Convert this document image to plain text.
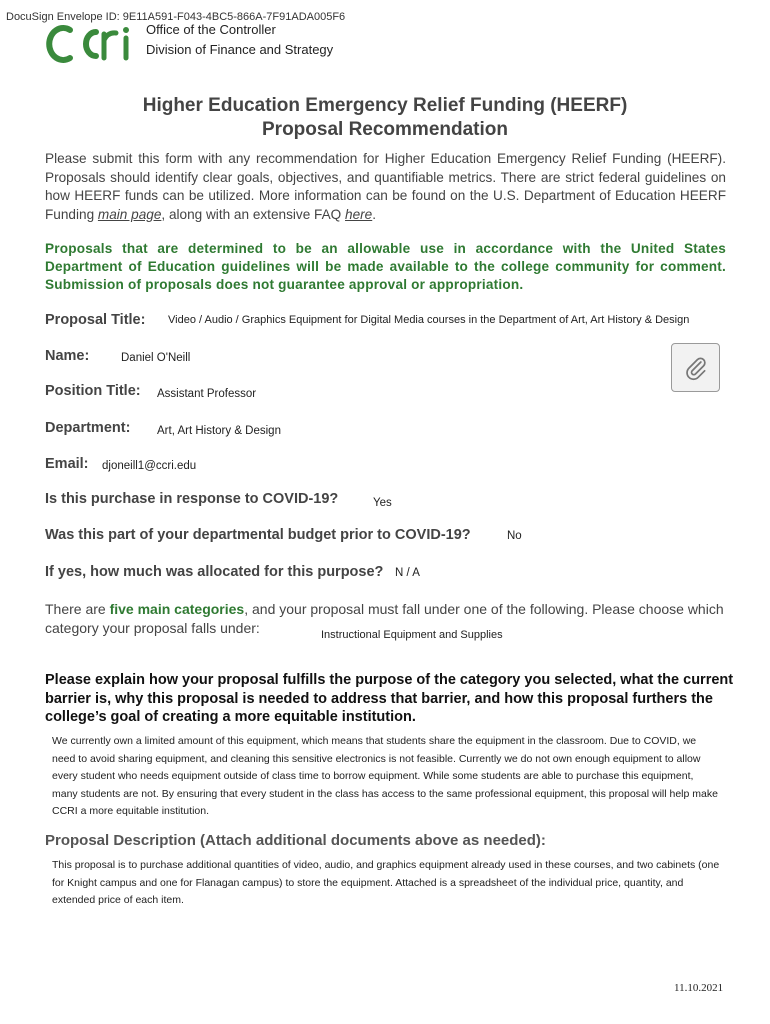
DocuSign Envelope ID: 9E11A591-F043-4BC5-866A-7F91ADA005F6
Office of the Controller
Division of Finance and Strategy
Higher Education Emergency Relief Funding (HEERF)
Proposal Recommendation
Please submit this form with any recommendation for Higher Education Emergency Relief Funding (HEERF). Proposals should identify clear goals, objectives, and quantifiable metrics. There are strict federal guidelines on how HEERF funds can be utilized. More information can be found on the U.S. Department of Education HEERF Funding main page, along with an extensive FAQ here.
Proposals that are determined to be an allowable use in accordance with the United States Department of Education guidelines will be made available to the college community for comment. Submission of proposals does not guarantee approval or appropriation.
Proposal Title: Video / Audio / Graphics Equipment for Digital Media courses in the Department of Art, Art History & Design
Name:	Daniel O'Neill
Position Title: Assistant Professor
Department: Art, Art History & Design
Email: djoneill1@ccri.edu
Is this purchase in response to COVID-19?	Yes
Was this part of your departmental budget prior to COVID-19?	No
If yes, how much was allocated for this purpose? N / A
There are five main categories, and your proposal must fall under one of the following. Please choose which category your proposal falls under:	Instructional Equipment and Supplies
Please explain how your proposal fulfills the purpose of the category you selected, what the current barrier is, why this proposal is needed to address that barrier, and how this proposal furthers the college’s goal of creating a more equitable institution.
We currently own a limited amount of this equipment, which means that students share the equipment in the classroom. Due to COVID, we need to avoid sharing equipment, and cleaning this sensitive electronics is not feasible. Currently we do not own enough equipment to allow every student who needs equipment outside of class time to borrow equipment. While some students are able to purchase this equipment, many students are not. By ensuring that every student in the class has access to the same professional equipment, this proposal will help make CCRI a more equitable institution.
Proposal Description (Attach additional documents above as needed):
This proposal is to purchase additional quantities of video, audio, and graphics equipment already used in these courses, and two cabinets (one for Knight campus and one for Flanagan campus) to store the equipment. Attached is a spreadsheet of the individual price, quantity, and extended price of each item.
11.10.2021
